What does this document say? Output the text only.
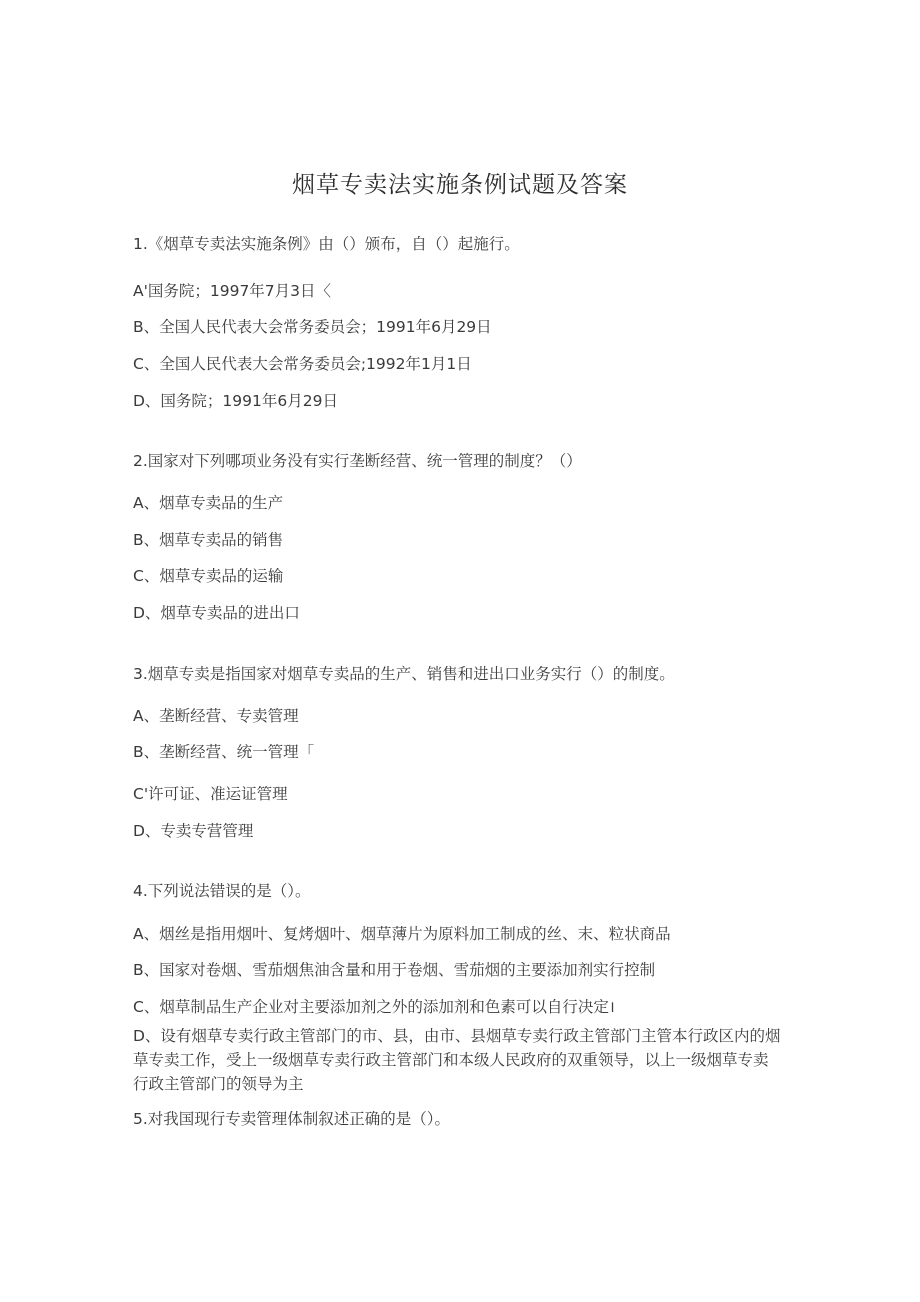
烟草专卖法实施条例试题及答案

1.《烟草专卖法实施条例》由（）颁布，自（）起施行。

A'国务院；1997年7月3日〈

B、全国人民代表大会常务委员会；1991年6月29日

C、全国人民代表大会常务委员会;1992年1月1日

D、国务院；1991年6月29日

2.国家对下列哪项业务没有实行垄断经营、统一管理的制度？（）

A、烟草专卖品的生产

B、烟草专卖品的销售

C、烟草专卖品的运输

D、烟草专卖品的进出口

3.烟草专卖是指国家对烟草专卖品的生产、销售和进出口业务实行（）的制度。

A、垄断经营、专卖管理

B、垄断经营、统一管理「

C'许可证、准运证管理

D、专卖专营管理

4.下列说法错误的是（）。

A、烟丝是指用烟叶、复烤烟叶、烟草薄片为原料加工制成的丝、末、粒状商品

B、国家对卷烟、雪茄烟焦油含量和用于卷烟、雪茄烟的主要添加剂实行控制

C、烟草制品生产企业对主要添加剂之外的添加剂和色素可以自行决定।

D、设有烟草专卖行政主管部门的市、县，由市、县烟草专卖行政主管部门主管本行政区内的烟草专卖工作，受上一级烟草专卖行政主管部门和本级人民政府的双重领导，以上一级烟草专卖行政主管部门的领导为主

5.对我国现行专卖管理体制叙述正确的是（）。
